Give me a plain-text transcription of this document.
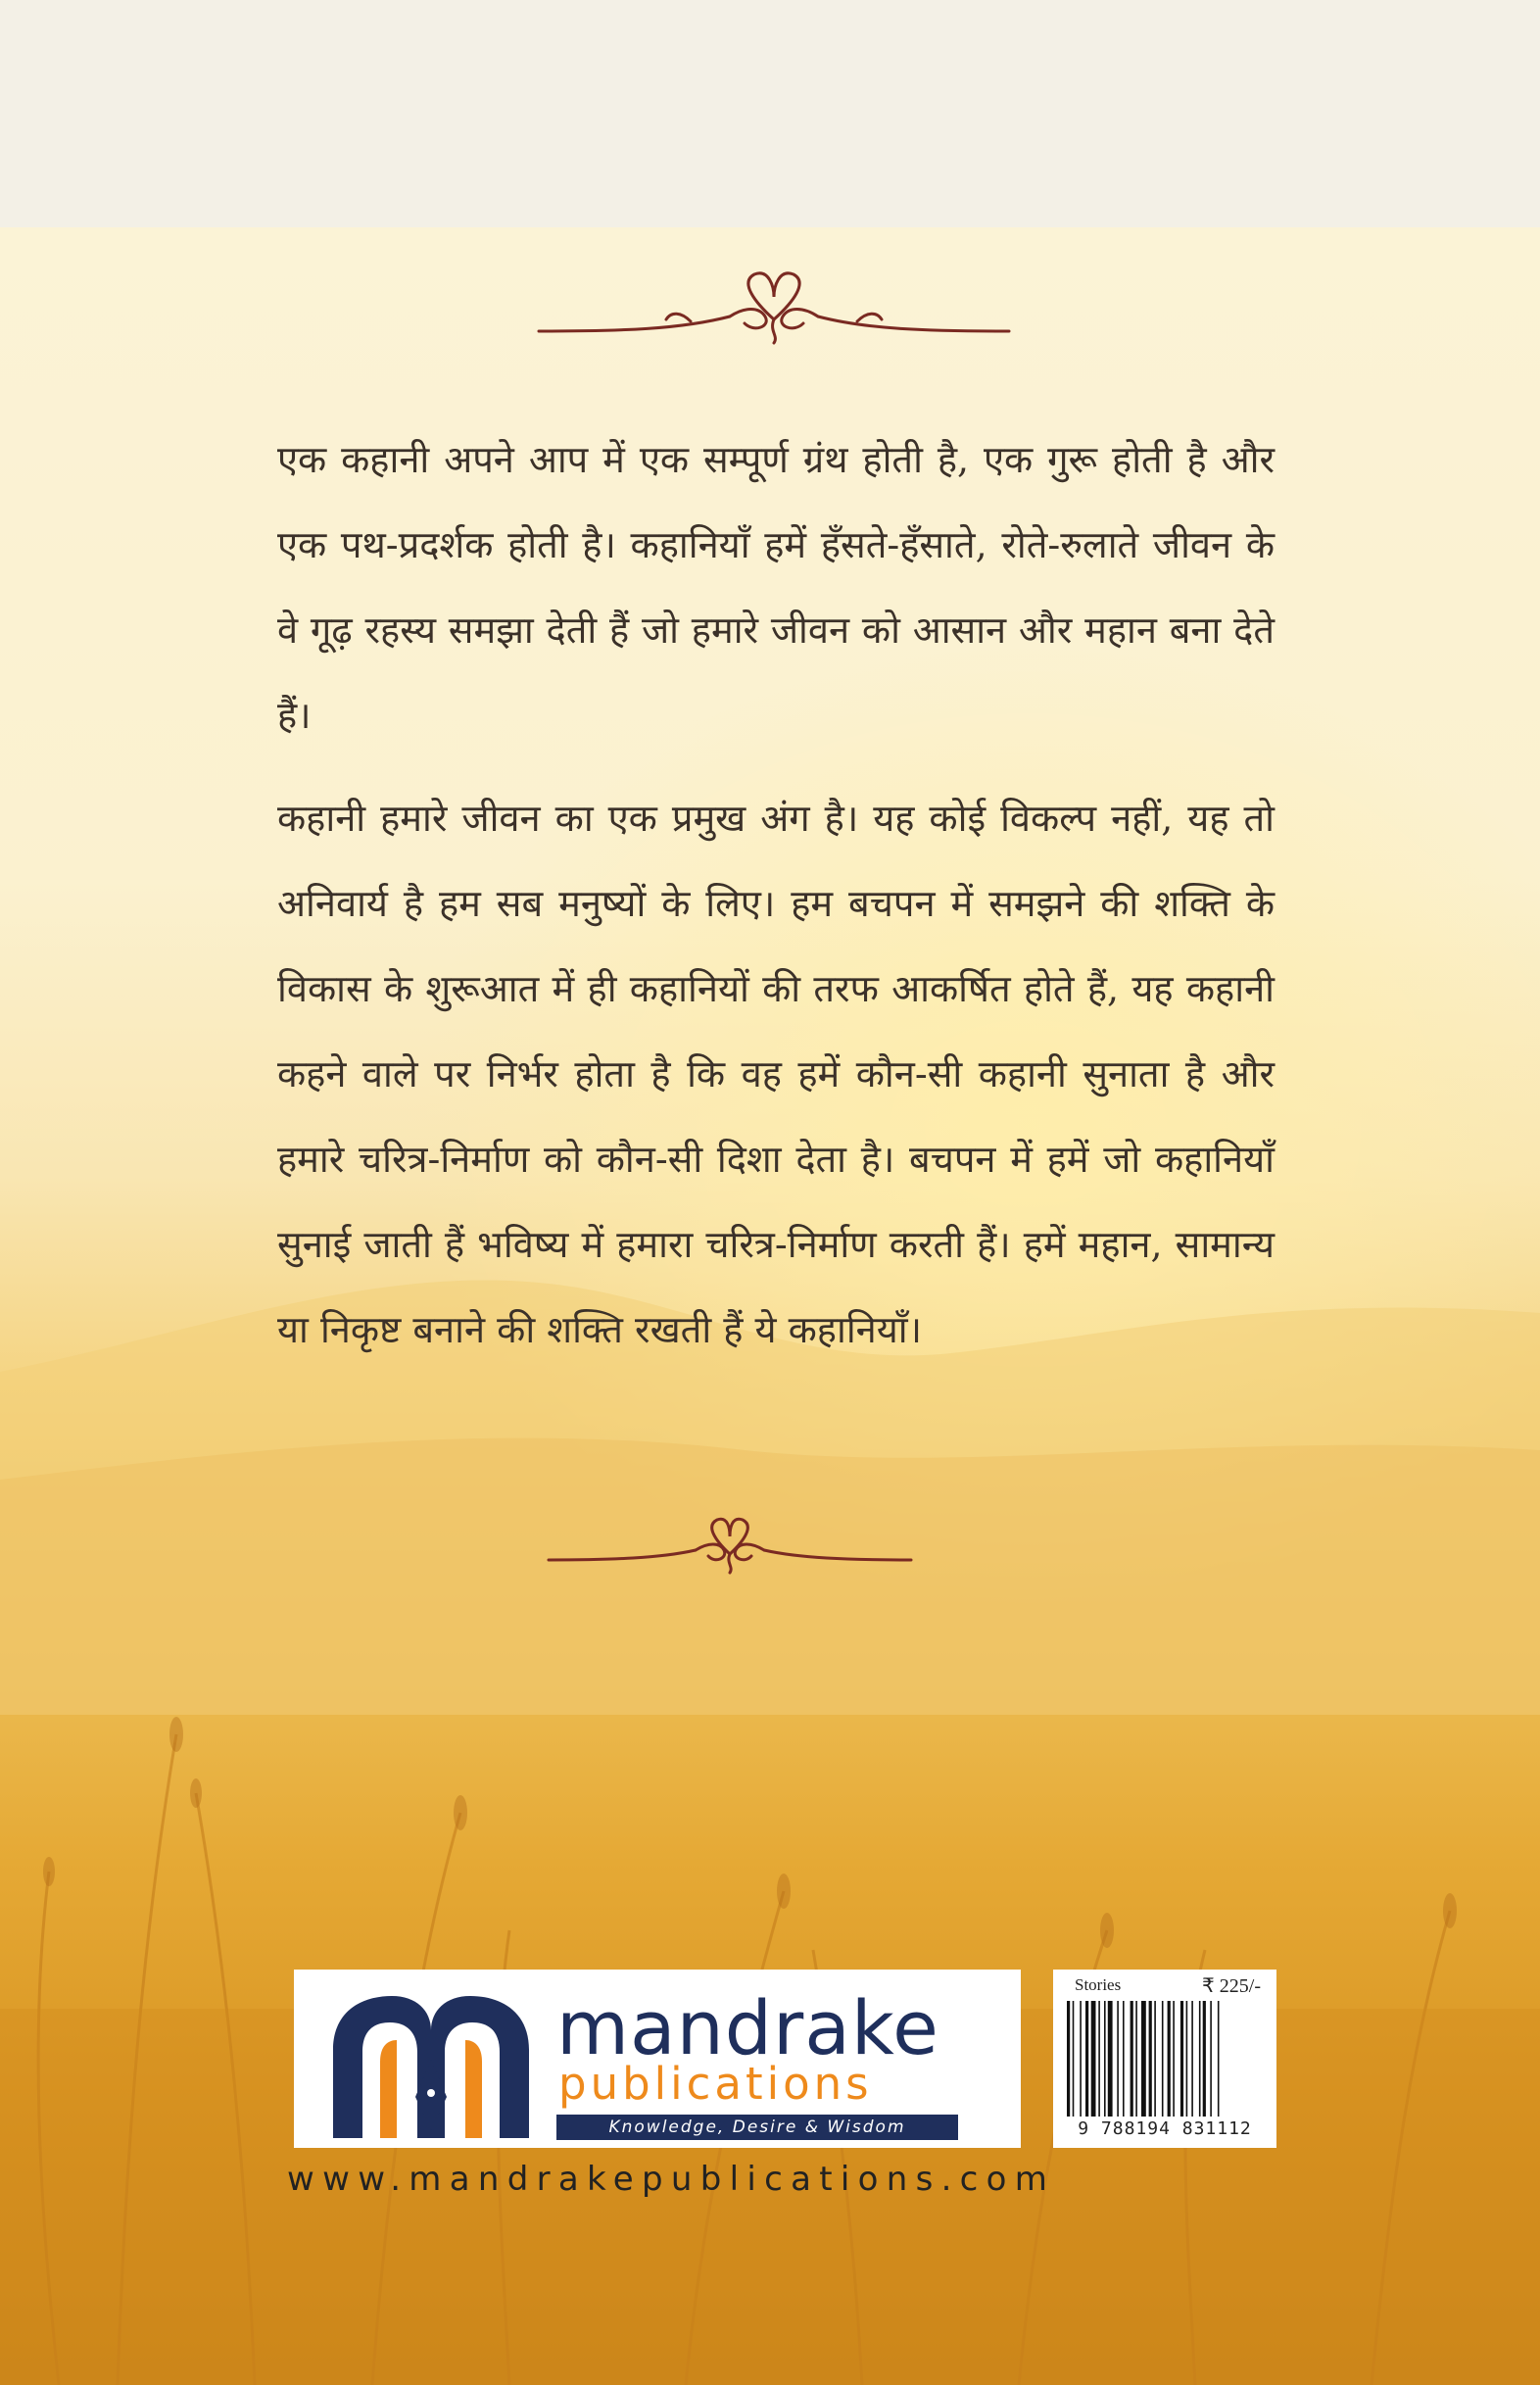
एक कहानी अपने आप में एक सम्पूर्ण ग्रंथ होती है, एक गुरू होती है और एक पथ-प्रदर्शक होती है। कहानियाँ हमें हँसते-हँसाते, रोते-रुलाते जीवन के वे गूढ़ रहस्य समझा देती हैं जो हमारे जीवन को आसान और महान बना देते हैं।
कहानी हमारे जीवन का एक प्रमुख अंग है। यह कोई विकल्प नहीं, यह तो अनिवार्य है हम सब मनुष्यों के लिए। हम बचपन में समझने की शक्ति के विकास के शुरूआत में ही कहानियों की तरफ आकर्षित होते हैं, यह कहानी कहने वाले पर निर्भर होता है कि वह हमें कौन-सी कहानी सुनाता है और हमारे चरित्र-निर्माण को कौन-सी दिशा देता है। बचपन में हमें जो कहानियाँ सुनाई जाती हैं भविष्य में हमारा चरित्र-निर्माण करती हैं। हमें महान, सामान्य या निकृष्ट बनाने की शक्ति रखती हैं ये कहानियाँ।
mandrake
publications
Knowledge, Desire & Wisdom
Stories	₹ 225/-
9 788194 831112
www.mandrakepublications.com
